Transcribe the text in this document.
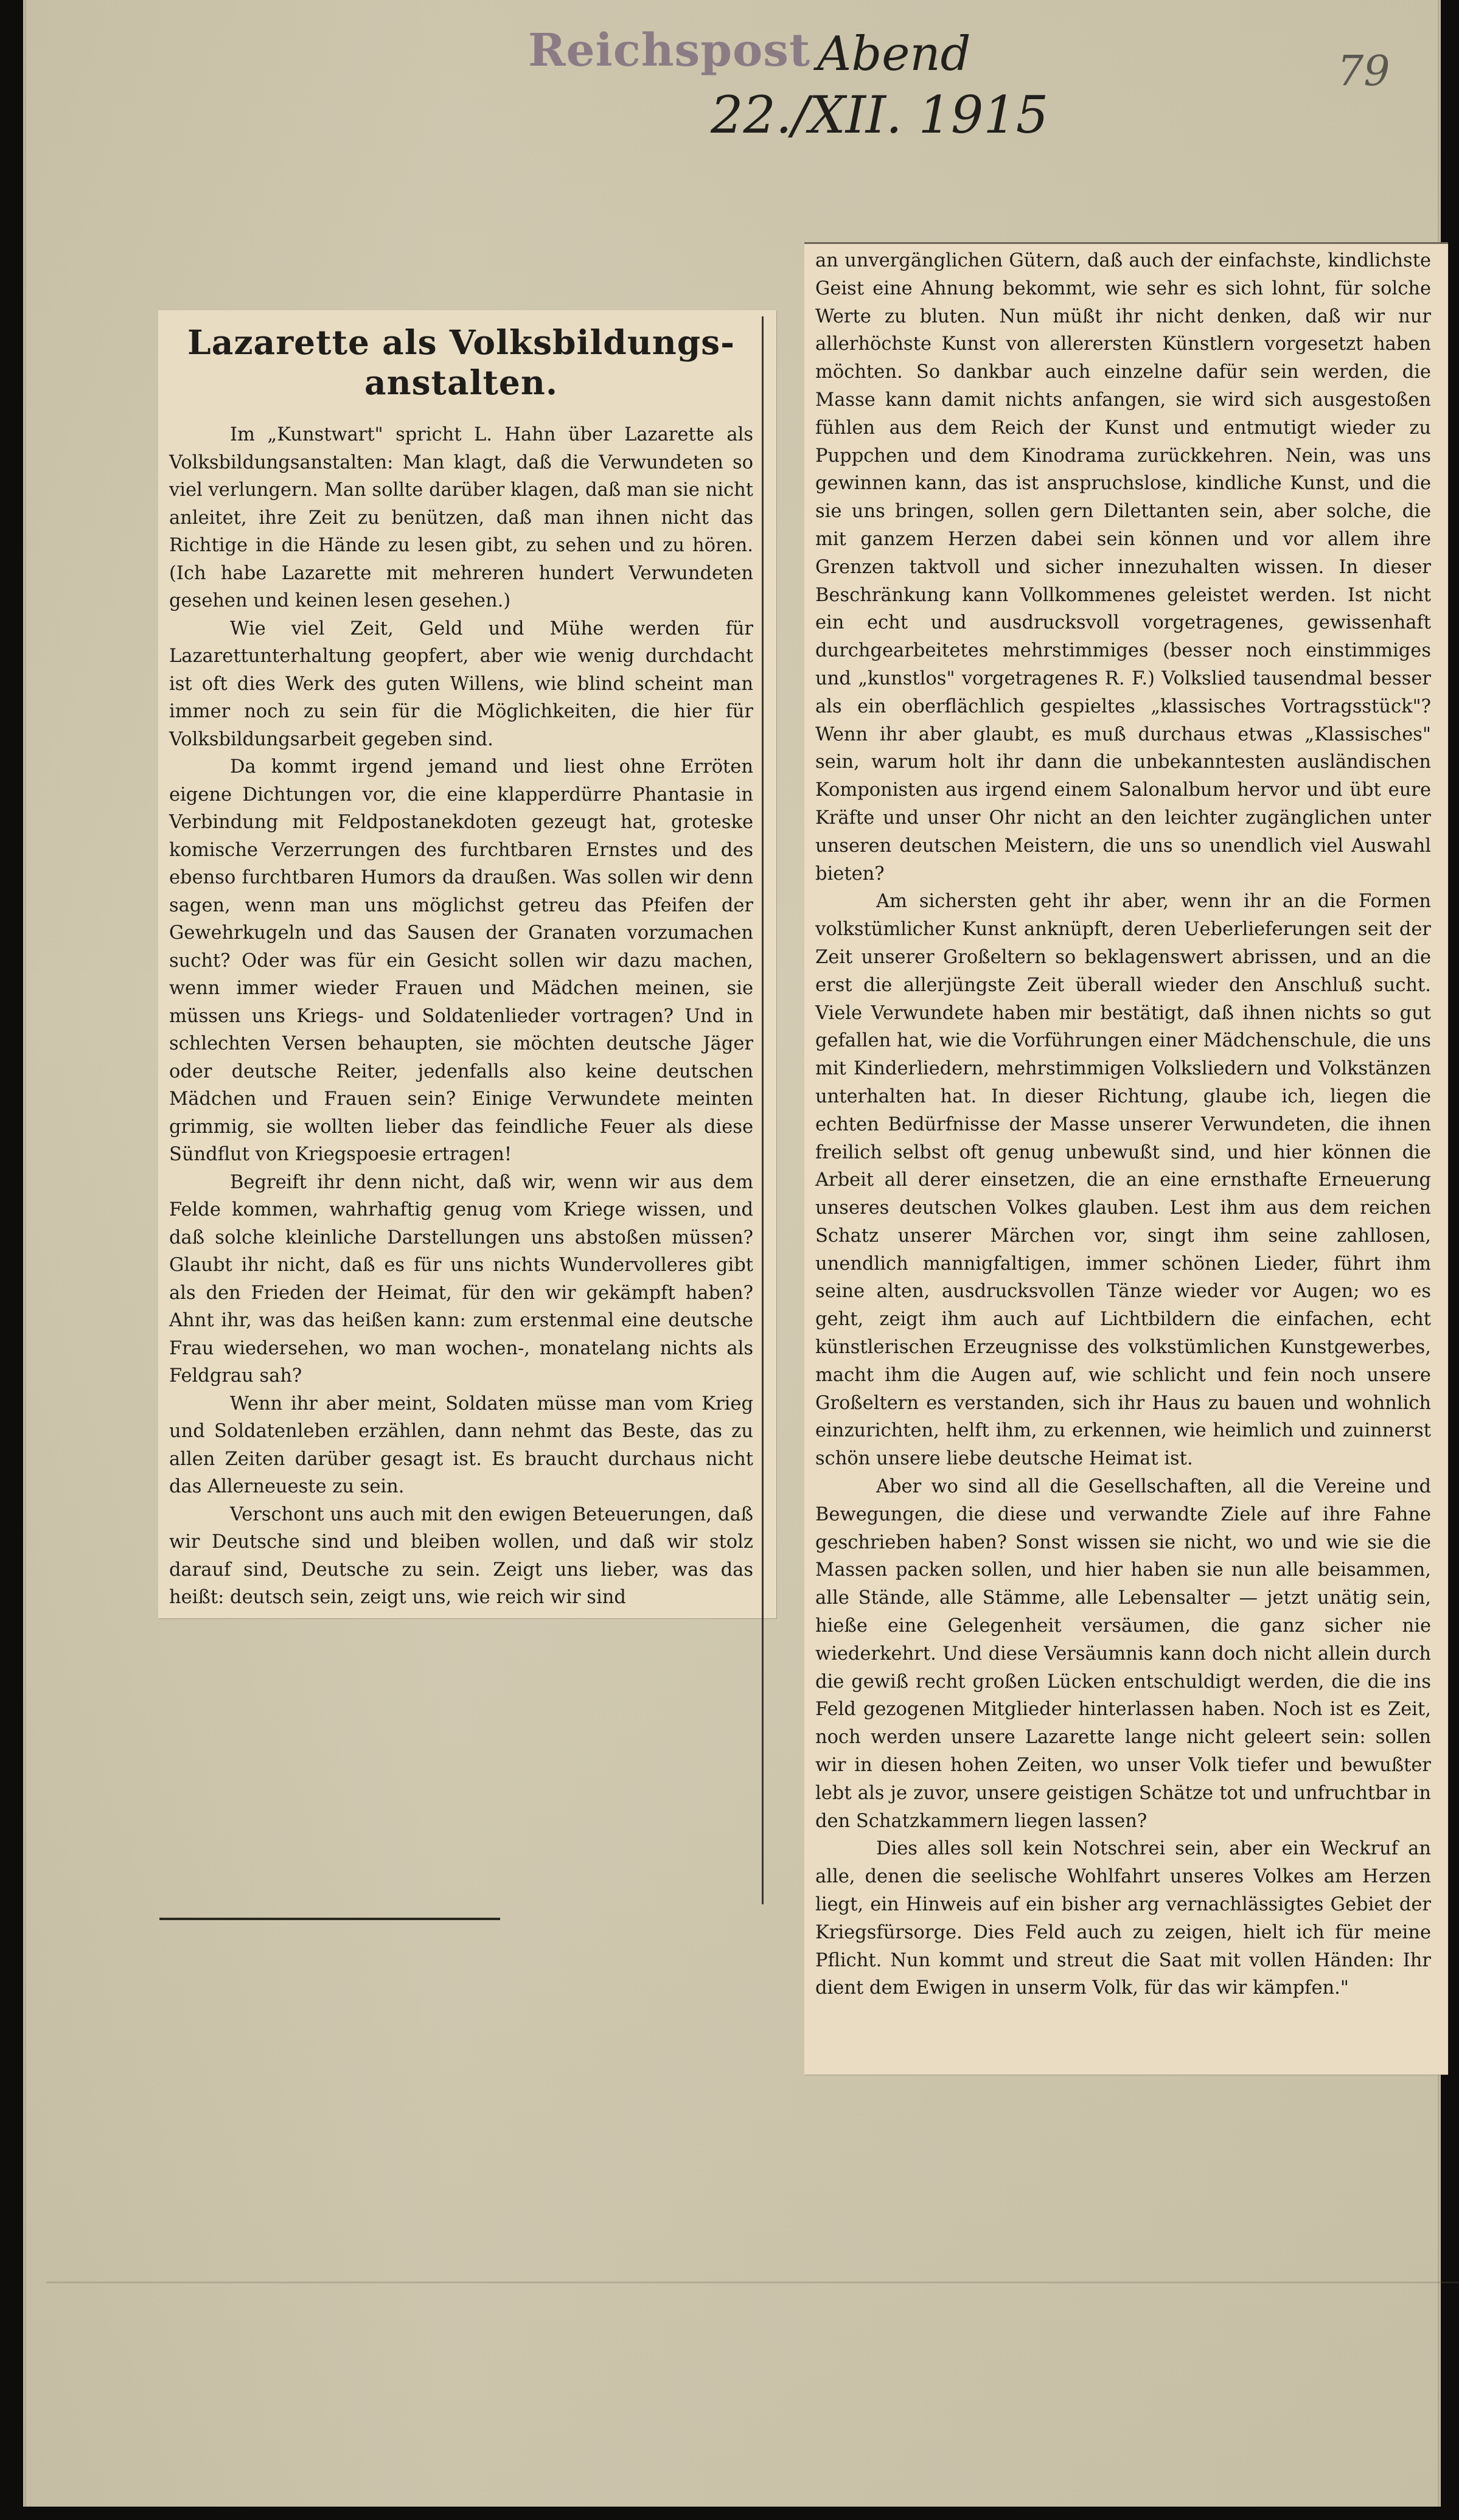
Reichspost Abend
22./XII. 1915
79
Lazarette als Volksbildungs-anstalten.

Im „Kunstwart" spricht L. Hahn über Lazarette als Volksbildungsanstalten: Man klagt, daß die Verwundeten so viel verlungern. Man sollte darüber klagen, daß man sie nicht anleitet, ihre Zeit zu benützen, daß man ihnen nicht das Richtige in die Hände zu lesen gibt, zu sehen und zu hören. (Ich habe Lazarette mit mehreren hundert Verwundeten gesehen und keinen lesen gesehen.)

Wie viel Zeit, Geld und Mühe werden für Lazarettunterhaltung geopfert, aber wie wenig durchdacht ist oft dies Werk des guten Willens, wie blind scheint man immer noch zu sein für die Möglichkeiten, die hier für Volksbildungsarbeit gegeben sind.

Da kommt irgend jemand und liest ohne Erröten eigene Dichtungen vor, die eine klapperdürre Phantasie in Verbindung mit Feldpostanekdoten gezeugt hat, groteske komische Verzerrungen des furchtbaren Ernstes und des ebenso furchtbaren Humors da draußen. Was sollen wir denn sagen, wenn man uns möglichst getreu das Pfeifen der Gewehrkugeln und das Sausen der Granaten vorzumachen sucht? Oder was für ein Gesicht sollen wir dazu machen, wenn immer wieder Frauen und Mädchen meinen, sie müssen uns Kriegs- und Soldatenlieder vortragen? Und in schlechten Versen behaupten, sie möchten deutsche Jäger oder deutsche Reiter, jedenfalls also keine deutschen Mädchen und Frauen sein? Einige Verwundete meinten grimmig, sie wollten lieber das feindliche Feuer als diese Sündflut von Kriegspoesie ertragen!

Begreift ihr denn nicht, daß wir, wenn wir aus dem Felde kommen, wahrhaftig genug vom Kriege wissen, und daß solche kleinliche Darstellungen uns abstoßen müssen? Glaubt ihr nicht, daß es für uns nichts Wundervolleres gibt als den Frieden der Heimat, für den wir gekämpft haben? Ahnt ihr, was das heißen kann: zum erstenmal eine deutsche Frau wiedersehen, wo man wochen-, monatelang nichts als Feldgrau sah?

Wenn ihr aber meint, Soldaten müsse man vom Krieg und Soldatenleben erzählen, dann nehmt das Beste, das zu allen Zeiten darüber gesagt ist. Es braucht durchaus nicht das Allerneueste zu sein.

Verschont uns auch mit den ewigen Beteuerungen, daß wir Deutsche sind und bleiben wollen, und daß wir stolz darauf sind, Deutsche zu sein. Zeigt uns lieber, was das heißt: deutsch sein, zeigt uns, wie reich wir sind

an unvergänglichen Gütern, daß auch der einfachste, kindlichste Geist eine Ahnung bekommt, wie sehr es sich lohnt, für solche Werte zu bluten. Nun müßt ihr nicht denken, daß wir nur allerhöchste Kunst von allerersten Künstlern vorgesetzt haben möchten. So dankbar auch einzelne dafür sein werden, die Masse kann damit nichts anfangen, sie wird sich ausgestoßen fühlen aus dem Reich der Kunst und entmutigt wieder zu Puppchen und dem Kinodrama zurückkehren. Nein, was uns gewinnen kann, das ist anspruchslose, kindliche Kunst, und die sie uns bringen, sollen gern Dilettanten sein, aber solche, die mit ganzem Herzen dabei sein können und vor allem ihre Grenzen taktvoll und sicher innezuhalten wissen. In dieser Beschränkung kann Vollkommenes geleistet werden. Ist nicht ein echt und ausdrucksvoll vorgetragenes, gewissenhaft durchgearbeitetes mehrstimmiges (besser noch einstimmiges und „kunstlos" vorgetragenes R. F.) Volkslied tausendmal besser als ein oberflächlich gespieltes „klassisches Vortragsstück"? Wenn ihr aber glaubt, es muß durchaus etwas „Klassisches" sein, warum holt ihr dann die unbekanntesten ausländischen Komponisten aus irgend einem Salonalbum hervor und übt eure Kräfte und unser Ohr nicht an den leichter zugänglichen unter unseren deutschen Meistern, die uns so unendlich viel Auswahl bieten?

Am sichersten geht ihr aber, wenn ihr an die Formen volkstümlicher Kunst anknüpft, deren Ueberlieferungen seit der Zeit unserer Großeltern so beklagenswert abrissen, und an die erst die allerjüngste Zeit überall wieder den Anschluß sucht. Viele Verwundete haben mir bestätigt, daß ihnen nichts so gut gefallen hat, wie die Vorführungen einer Mädchenschule, die uns mit Kinderliedern, mehrstimmigen Volksliedern und Volkstänzen unterhalten hat. In dieser Richtung, glaube ich, liegen die echten Bedürfnisse der Masse unserer Verwundeten, die ihnen freilich selbst oft genug unbewußt sind, und hier können die Arbeit all derer einsetzen, die an eine ernsthafte Erneuerung unseres deutschen Volkes glauben. Lest ihm aus dem reichen Schatz unserer Märchen vor, singt ihm seine zahllosen, unendlich mannigfaltigen, immer schönen Lieder, führt ihm seine alten, ausdrucksvollen Tänze wieder vor Augen; wo es geht, zeigt ihm auch auf Lichtbildern die einfachen, echt künstlerischen Erzeugnisse des volkstümlichen Kunstgewerbes, macht ihm die Augen auf, wie schlicht und fein noch unsere Großeltern es verstanden, sich ihr Haus zu bauen und wohnlich einzurichten, helft ihm, zu erkennen, wie heimlich und zuinnerst schön unsere liebe deutsche Heimat ist.

Aber wo sind all die Gesellschaften, all die Vereine und Bewegungen, die diese und verwandte Ziele auf ihre Fahne geschrieben haben? Sonst wissen sie nicht, wo und wie sie die Massen packen sollen, und hier haben sie nun alle beisammen, alle Stände, alle Stämme, alle Lebensalter — jetzt unätig sein, hieße eine Gelegenheit versäumen, die ganz sicher nie wiederkehrt. Und diese Versäumnis kann doch nicht allein durch die gewiß recht großen Lücken entschuldigt werden, die die ins Feld gezogenen Mitglieder hinterlassen haben. Noch ist es Zeit, noch werden unsere Lazarette lange nicht geleert sein: sollen wir in diesen hohen Zeiten, wo unser Volk tiefer und bewußter lebt als je zuvor, unsere geistigen Schätze tot und unfruchtbar in den Schatzkammern liegen lassen?

Dies alles soll kein Notschrei sein, aber ein Weckruf an alle, denen die seelische Wohlfahrt unseres Volkes am Herzen liegt, ein Hinweis auf ein bisher arg vernachlässigtes Gebiet der Kriegsfürsorge. Dies Feld auch zu zeigen, hielt ich für meine Pflicht. Nun kommt und streut die Saat mit vollen Händen: Ihr dient dem Ewigen in unserm Volk, für das wir kämpfen."
